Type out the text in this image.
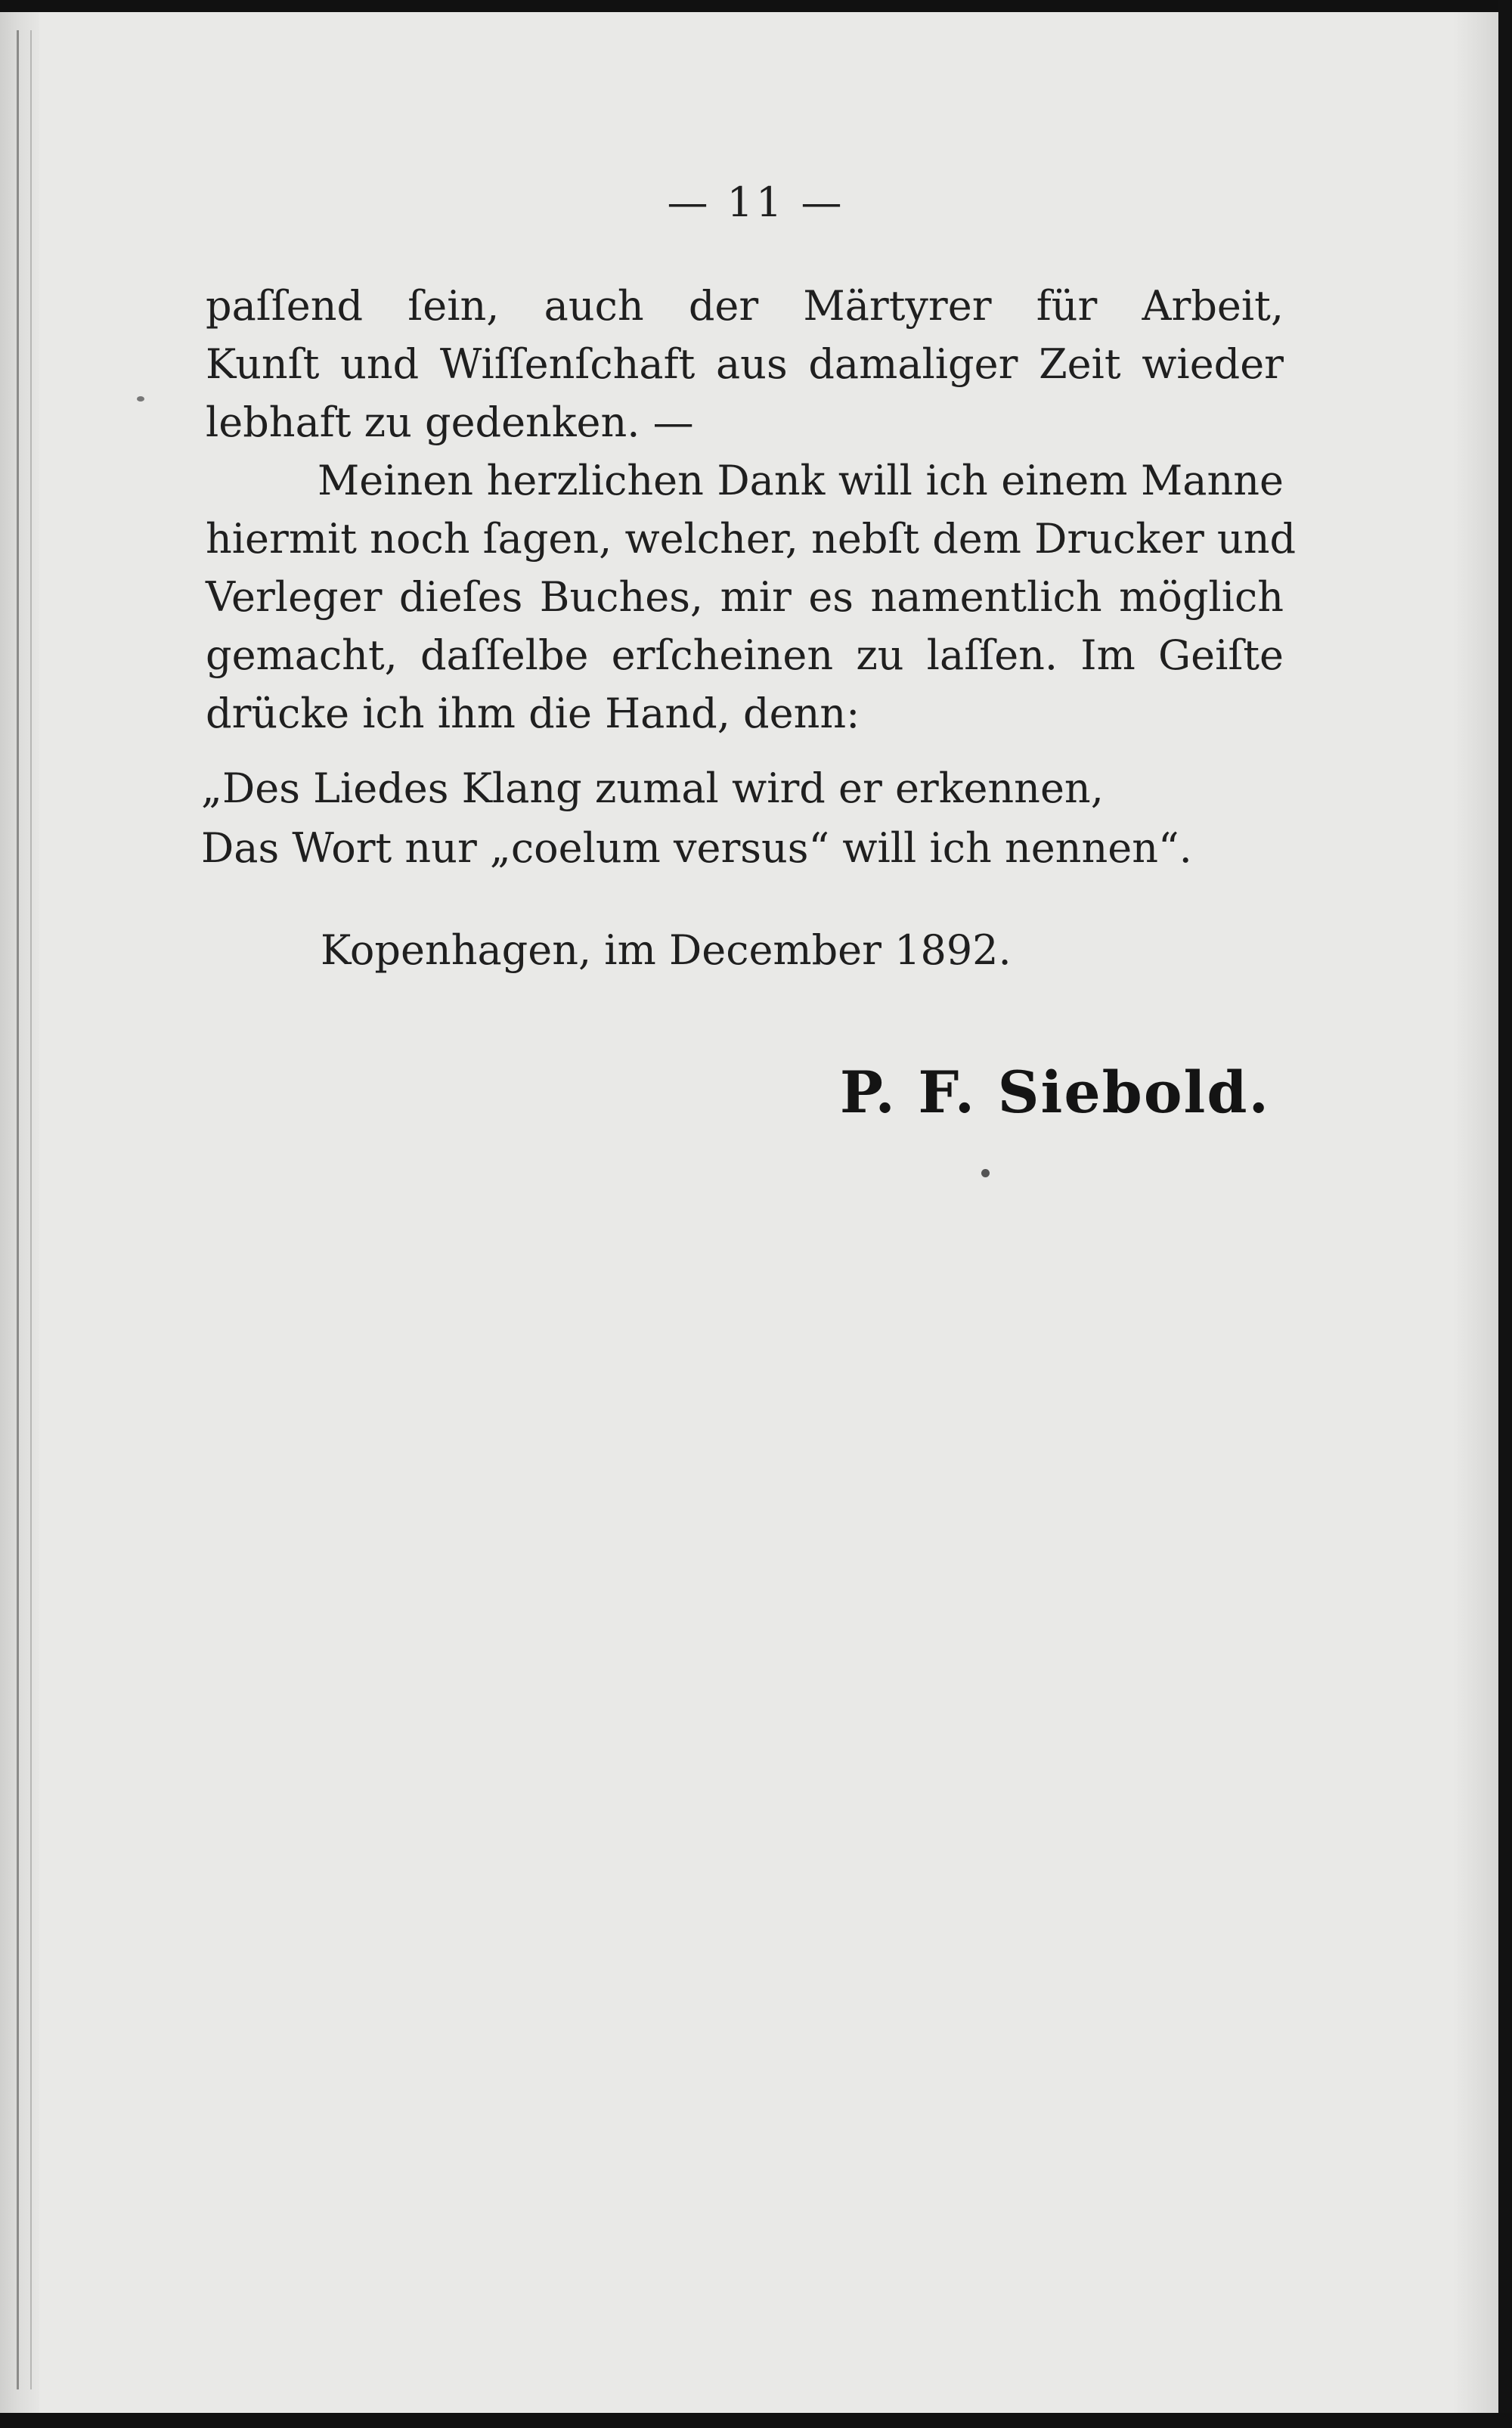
— 11 —
paſſend ſein, auch der Märtyrer für Arbeit,
Kunſt und Wiſſenſchaft aus damaliger Zeit wieder
lebhaft zu gedenken. —
Meinen herzlichen Dank will ich einem Manne
hiermit noch ſagen, welcher, nebſt dem Drucker und
Verleger dieſes Buches, mir es namentlich möglich
gemacht, daſſelbe erſcheinen zu laſſen. Im Geiſte
drücke ich ihm die Hand, denn:
„Des Liedes Klang zumal wird er erkennen,
Das Wort nur „coelum versus“ will ich nennen“.
Kopenhagen, im December 1892.
P. F. Siebold.
